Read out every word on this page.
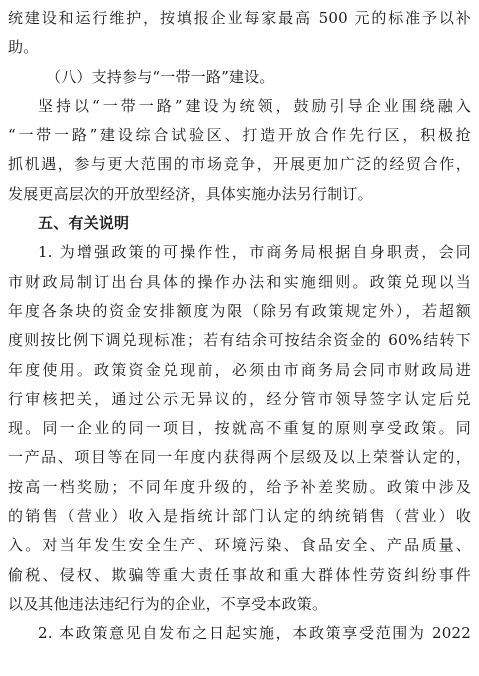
统建设和运行维护，按填报企业每家最高 500 元的标准予以补
助。
（八）支持参与“一带一路”建设。
坚持以“一带一路”建设为统领，鼓励引导企业围绕融入
“一带一路”建设综合试验区、打造开放合作先行区，积极抢
抓机遇，参与更大范围的市场竞争，开展更加广泛的经贸合作，
发展更高层次的开放型经济，具体实施办法另行制订。
五、有关说明
1. 为增强政策的可操作性，市商务局根据自身职责，会同
市财政局制订出台具体的操作办法和实施细则。政策兑现以当
年度各条块的资金安排额度为限（除另有政策规定外），若超额
度则按比例下调兑现标准；若有结余可按结余资金的 60%结转下
年度使用。政策资金兑现前，必须由市商务局会同市财政局进
行审核把关，通过公示无异议的，经分管市领导签字认定后兑
现。同一企业的同一项目，按就高不重复的原则享受政策。同
一产品、项目等在同一年度内获得两个层级及以上荣誉认定的，
按高一档奖励；不同年度升级的，给予补差奖励。政策中涉及
的销售（营业）收入是指统计部门认定的纳统销售（营业）收
入。对当年发生安全生产、环境污染、食品安全、产品质量、
偷税、侵权、欺骗等重大责任事故和重大群体性劳资纠纷事件
以及其他违法违纪行为的企业，不享受本政策。
2. 本政策意见自发布之日起实施，本政策享受范围为 2022
